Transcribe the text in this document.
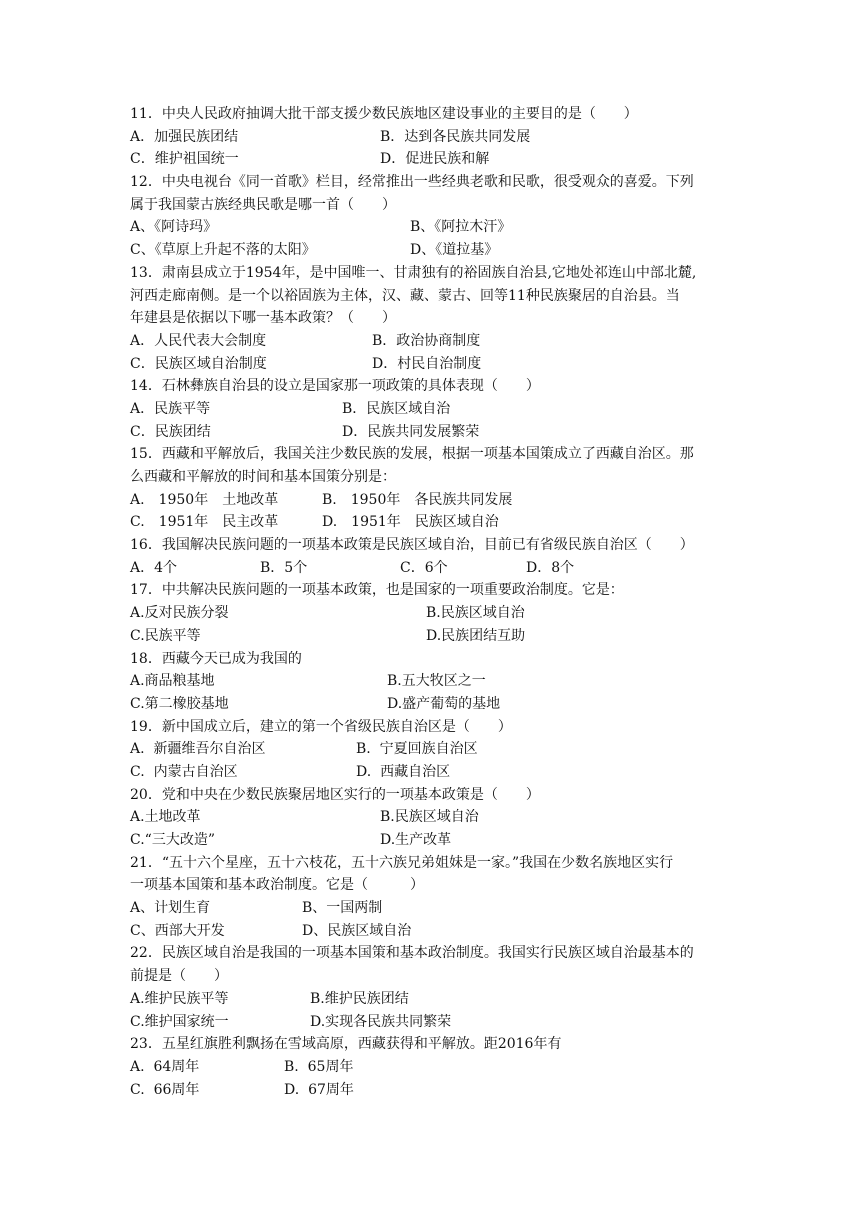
11．中央人民政府抽调大批干部支援少数民族地区建设事业的主要目的是（　　）

A．加强民族团结

	B．达到各民族共同发展

C．维护祖国统一

	D．促进民族和解

12．中央电视台《同一首歌》栏目，经常推出一些经典老歌和民歌，很受观众的喜爱。下列
属于我国蒙古族经典民歌是哪一首（　　）

A、《阿诗玛》

	B、《阿拉木汗》

C、《草原上升起不落的太阳》

	D、《道拉基》

13．肃南县成立于1954年，是中国唯一、甘肃独有的裕固族自治县,它地处祁连山中部北麓,
河西走廊南侧。是一个以裕固族为主体，汉、藏、蒙古、回等11种民族聚居的自治县。当
年建县是依据以下哪一基本政策？（　　）

A．人民代表大会制度

	B．政治协商制度

C．民族区域自治制度

	D．村民自治制度

14．石林彝族自治县的设立是国家那一项政策的具体表现（　　）

A．民族平等

	B．民族区域自治

C．民族团结

	D．民族共同发展繁荣

15．西藏和平解放后，我国关注少数民族的发展，根据一项基本国策成立了西藏自治区。那
么西藏和平解放的时间和基本国策分别是：

A.　1950年　土地改革

	B.　1950年　各民族共同发展

C.　1951年　民主改革

	D.　1951年　民族区域自治

16．我国解决民族问题的一项基本政策是民族区域自治，目前已有省级民族自治区（　　）

A．4个

	B．5个

	C．6个

	D．8个

17．中共解决民族问题的一项基本政策，也是国家的一项重要政治制度。它是：

A.反对民族分裂

	B.民族区域自治

C.民族平等

	D.民族团结互助

18．西藏今天已成为我国的

A.商品粮基地

	B.五大牧区之一

C.第二橡胶基地

	D.盛产葡萄的基地

19．新中国成立后，建立的第一个省级民族自治区是（　　）

A.  新疆维吾尔自治区

	B.  宁夏回族自治区

C.  内蒙古自治区

	D.  西藏自治区

20．党和中央在少数民族聚居地区实行的一项基本政策是（　　）

A.土地改革

	B.民族区域自治

C.“三大改造”

	D.生产改革

21．“五十六个星座，五十六枝花，五十六族兄弟姐妹是一家。”我国在少数名族地区实行
一项基本国策和基本政治制度。它是（　　　）

A、计划生育

	B、一国两制

C、西部大开发

	D、民族区域自治

22．民族区域自治是我国的一项基本国策和基本政治制度。我国实行民族区域自治最基本的
前提是（　　）

A.维护民族平等

	B.维护民族团结

C.维护国家统一

	D.实现各民族共同繁荣

23．五星红旗胜利飘扬在雪域高原，西藏获得和平解放。距2016年有

A.  64周年

	B.  65周年

C.  66周年

	D.  67周年
